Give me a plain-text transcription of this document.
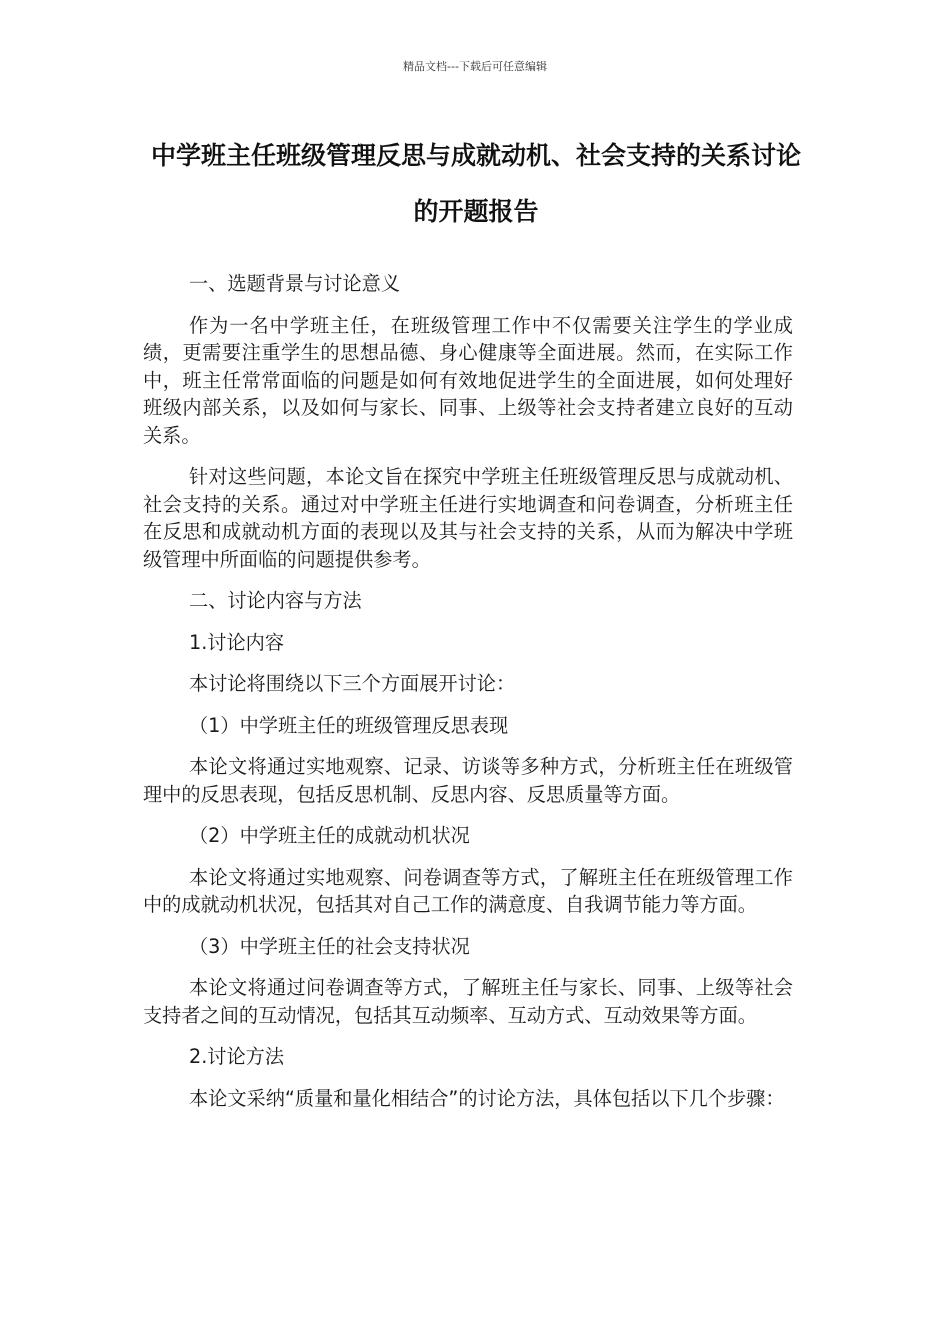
精品文档---下载后可任意编辑
中学班主任班级管理反思与成就动机、社会支持的关系讨论的开题报告

一、选题背景与讨论意义

作为一名中学班主任，在班级管理工作中不仅需要关注学生的学业成绩，更需要注重学生的思想品德、身心健康等全面进展。然而，在实际工作中，班主任常常面临的问题是如何有效地促进学生的全面进展，如何处理好班级内部关系，以及如何与家长、同事、上级等社会支持者建立良好的互动关系。

针对这些问题，本论文旨在探究中学班主任班级管理反思与成就动机、社会支持的关系。通过对中学班主任进行实地调查和问卷调查，分析班主任在反思和成就动机方面的表现以及其与社会支持的关系，从而为解决中学班级管理中所面临的问题提供参考。

二、讨论内容与方法

1.讨论内容

本讨论将围绕以下三个方面展开讨论：

（1）中学班主任的班级管理反思表现

本论文将通过实地观察、记录、访谈等多种方式，分析班主任在班级管理中的反思表现，包括反思机制、反思内容、反思质量等方面。

（2）中学班主任的成就动机状况

本论文将通过实地观察、问卷调查等方式，了解班主任在班级管理工作中的成就动机状况，包括其对自己工作的满意度、自我调节能力等方面。

（3）中学班主任的社会支持状况

本论文将通过问卷调查等方式，了解班主任与家长、同事、上级等社会支持者之间的互动情况，包括其互动频率、互动方式、互动效果等方面。

2.讨论方法

本论文采纳“质量和量化相结合”的讨论方法，具体包括以下几个步骤：
